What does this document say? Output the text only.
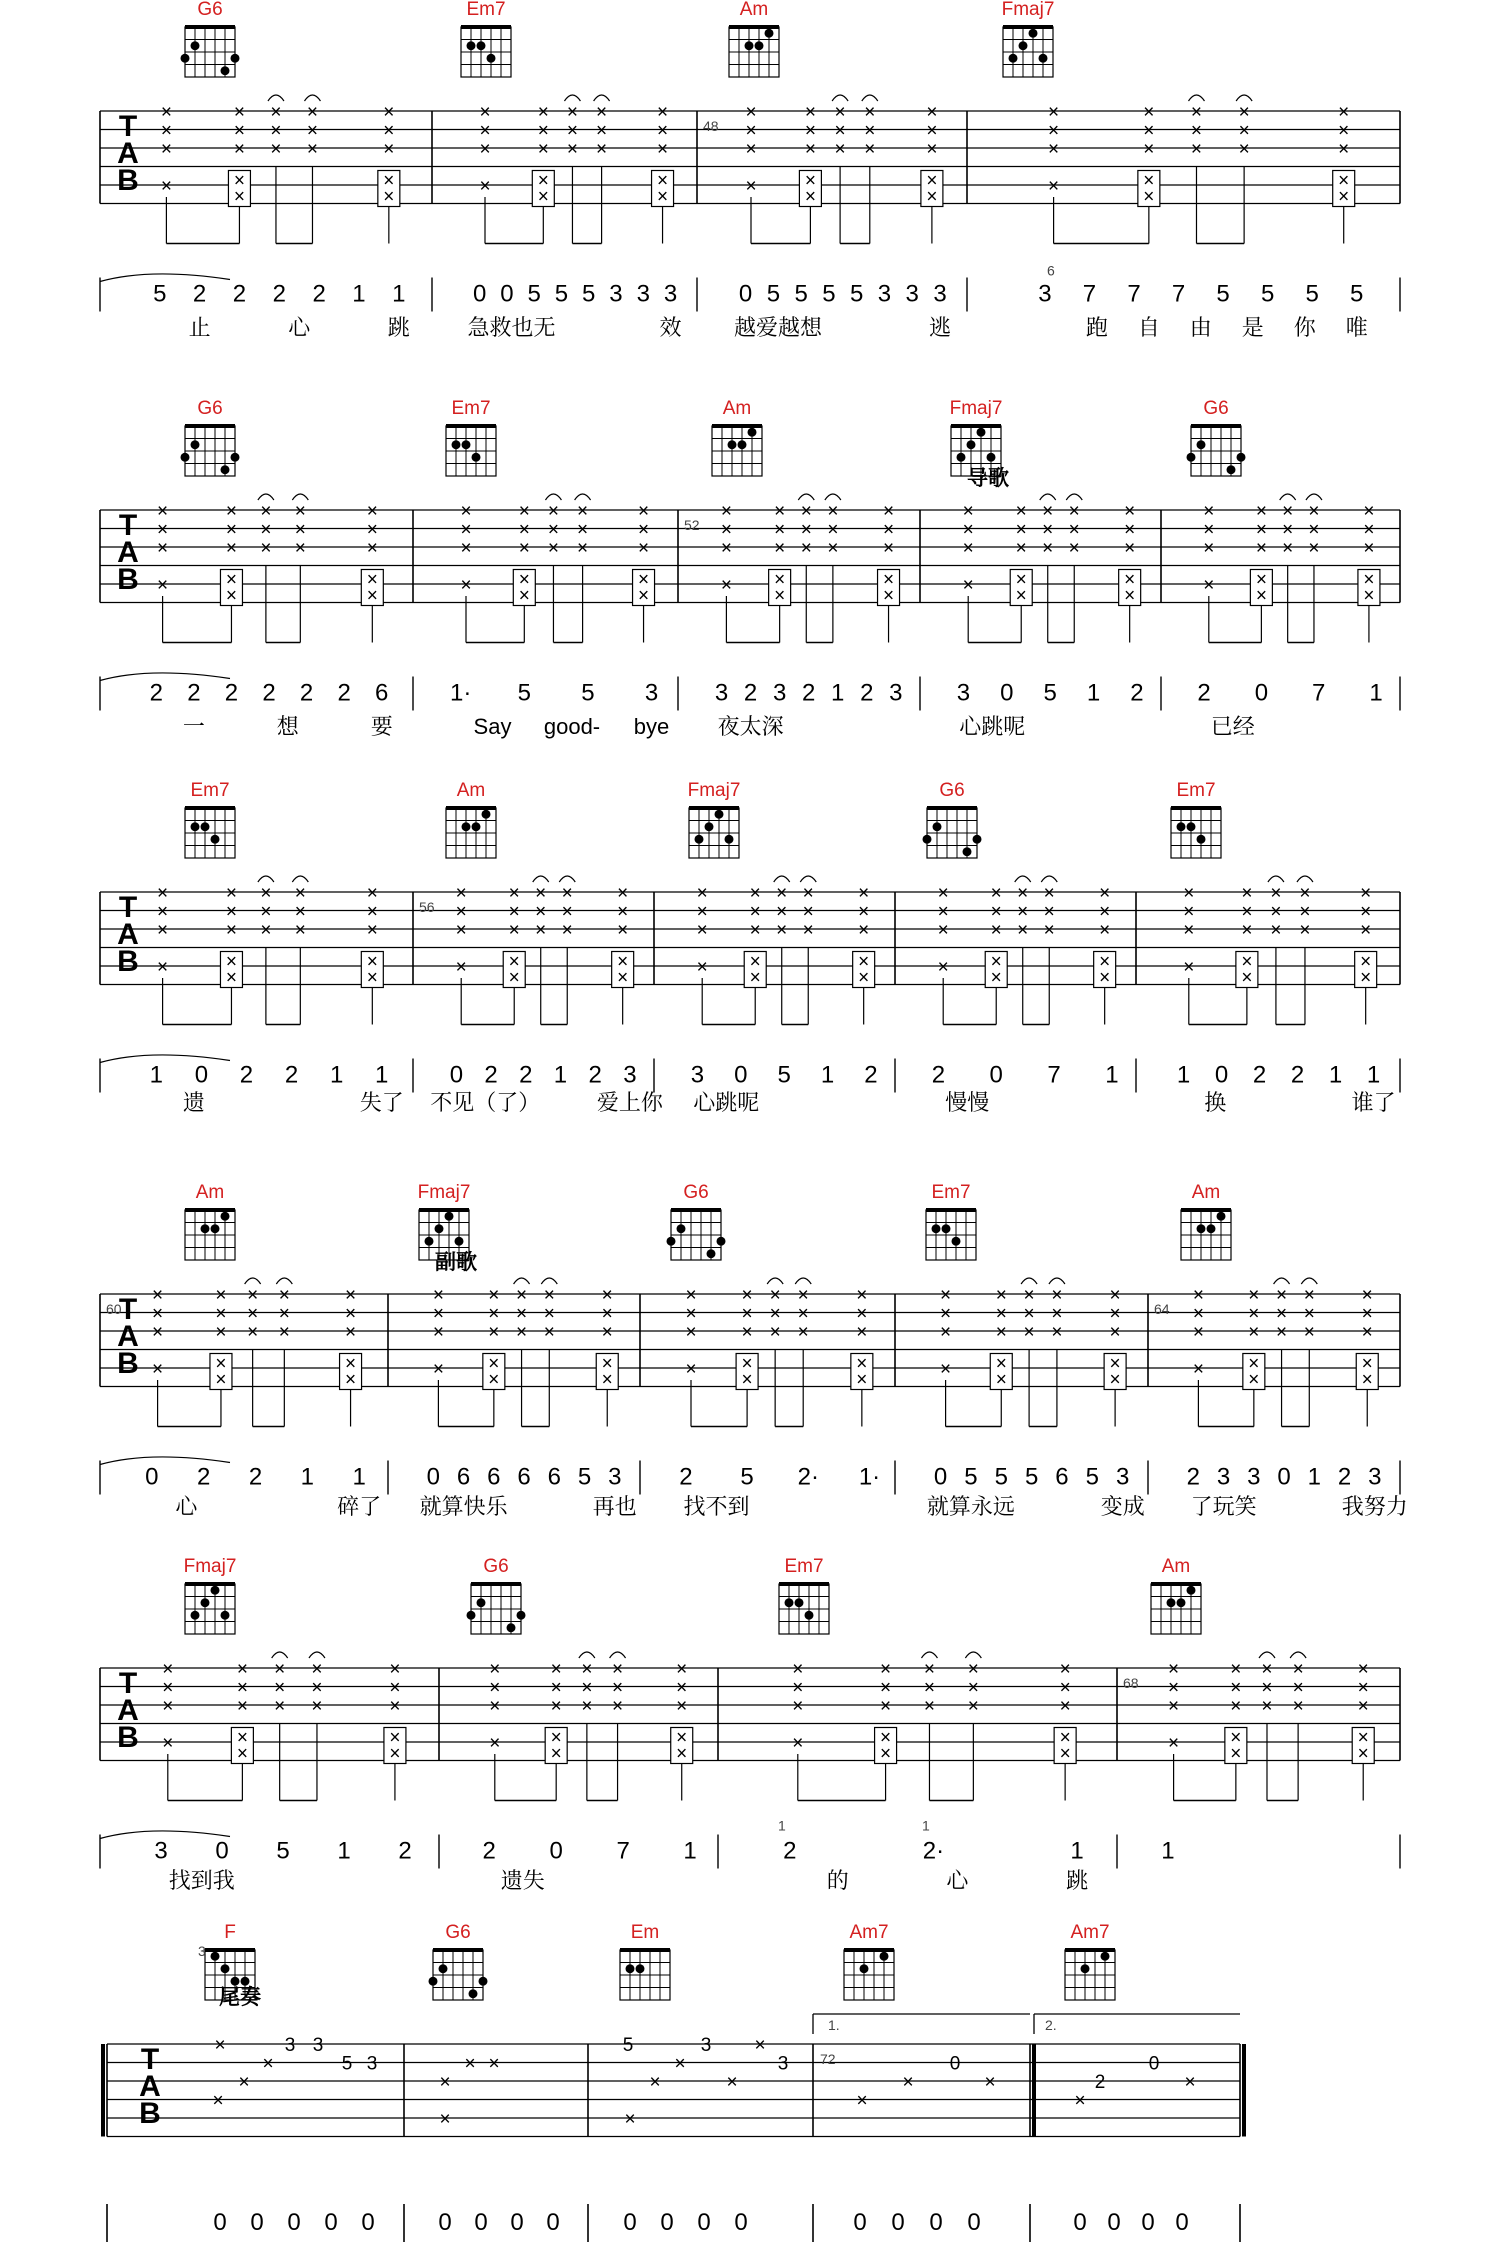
T
A
B
G6	Em7	Am	Fmaj7
48
×
×
×
×
×
×
×
×
×
×
×
×
×
×
×
×
×
×
×
×
×
×
×
×
×
×
×
×
×
×
×
×
×
×
×
×
×
×
×
×
×
×
×
×
×
×
×
×
×
×
×
×
×
×
×
×
×
×
×
×
×
×
×
×
×
×
×
×
×
×
×
×
×
×
×
×
×
×
×
×
5 2 2 2 2 1 1
止	心	跳
0 0 5 5 5 3 3 3
急救也无	效
0 5 5 5 5 3 3 3
越爱越想	逃
3 7 7 7 5 5 5 5
跑 自 由 是 你 唯
6
T
A
B
G6	Em7	Am	Fmaj7	G6
52
导歌
×
×
×
×
×
×
×
×
×
×
×
×
×
×
×
×
×
×
×
×
×
×
×
×
×
×
×
×
×
×
×
×
×
×
×
×
×
×
×
×
×
×
×
×
×
×
×
×
×
×
×
×
×
×
×
×
×
×
×
×
×
×
×
×
×
×
×
×
×
×
×
×
×
×
×
×
×
×
×
×
×
×
×
×
×
×
×
×
×
×
×
×
×
×
×
×
×
×
×
×
2 2 2 2 2 2 6
一	想	要
1· 5 5 3
Say good- bye
3 2 3 2 1 2 3
夜太深
3 0 5 1 2
心跳呢
2 0 7 1
已经
T
A
B
Em7	Am	Fmaj7	G6	Em7
56
×
×
×
×
×
×
×
×
×
×
×
×
×
×
×
×
×
×
×
×
×
×
×
×
×
×
×
×
×
×
×
×
×
×
×
×
×
×
×
×
×
×
×
×
×
×
×
×
×
×
×
×
×
×
×
×
×
×
×
×
×
×
×
×
×
×
×
×
×
×
×
×
×
×
×
×
×
×
×
×
×
×
×
×
×
×
×
×
×
×
×
×
×
×
×
×
×
×
×
×
1 0 2 2 1 1
遗	失了
0 2 2 1 2 3
不见（了）	爱上你
3 0 5 1 2
心跳呢
2 0 7 1
慢慢
1 0 2 2 1 1
换	谁了
T
A
B
Am	Fmaj7	G6	Em7	Am
60	64
副歌
×
×
×
×
×
×
×
×
×
×
×
×
×
×
×
×
×
×
×
×
×
×
×
×
×
×
×
×
×
×
×
×
×
×
×
×
×
×
×
×
×
×
×
×
×
×
×
×
×
×
×
×
×
×
×
×
×
×
×
×
×
×
×
×
×
×
×
×
×
×
×
×
×
×
×
×
×
×
×
×
×
×
×
×
×
×
×
×
×
×
×
×
×
×
×
×
×
×
×
×
0 2 2 1 1
心	碎了
0 6 6 6 6 5 3
就算快乐	再也
2 5 2· 1·
找不到
0 5 5 5 6 5 3
就算永远	变成
2 3 3 0 1 2 3
了玩笑	我努力
T
A
B
Fmaj7	G6	Em7	Am
68
×
×
×
×
×
×
×
×
×
×
×
×
×
×
×
×
×
×
×
×
×
×
×
×
×
×
×
×
×
×
×
×
×
×
×
×
×
×
×
×
×
×
×
×
×
×
×
×
×
×
×
×
×
×
×
×
×
×
×
×
×
×
×
×
×
×
×
×
×
×
×
×
×
×
×
×
×
×
×
×
3 0 5 1 2
找到我
2 0 7 1
遗失
2	2·	1
的	心	跳
1
1	1
T
A
B
F	G6	Em	Am7	Am7
3
尾奏
72
1.	2.
3 3
5 3
5	3
3	0
2
0
×
×
×
×
×
× ×
×
×
×
×
×
×
×
×	×
×
×
0 0 0 0 0	0 0 0 0	0 0 0 0	0 0 0 0	0 0 0 0
